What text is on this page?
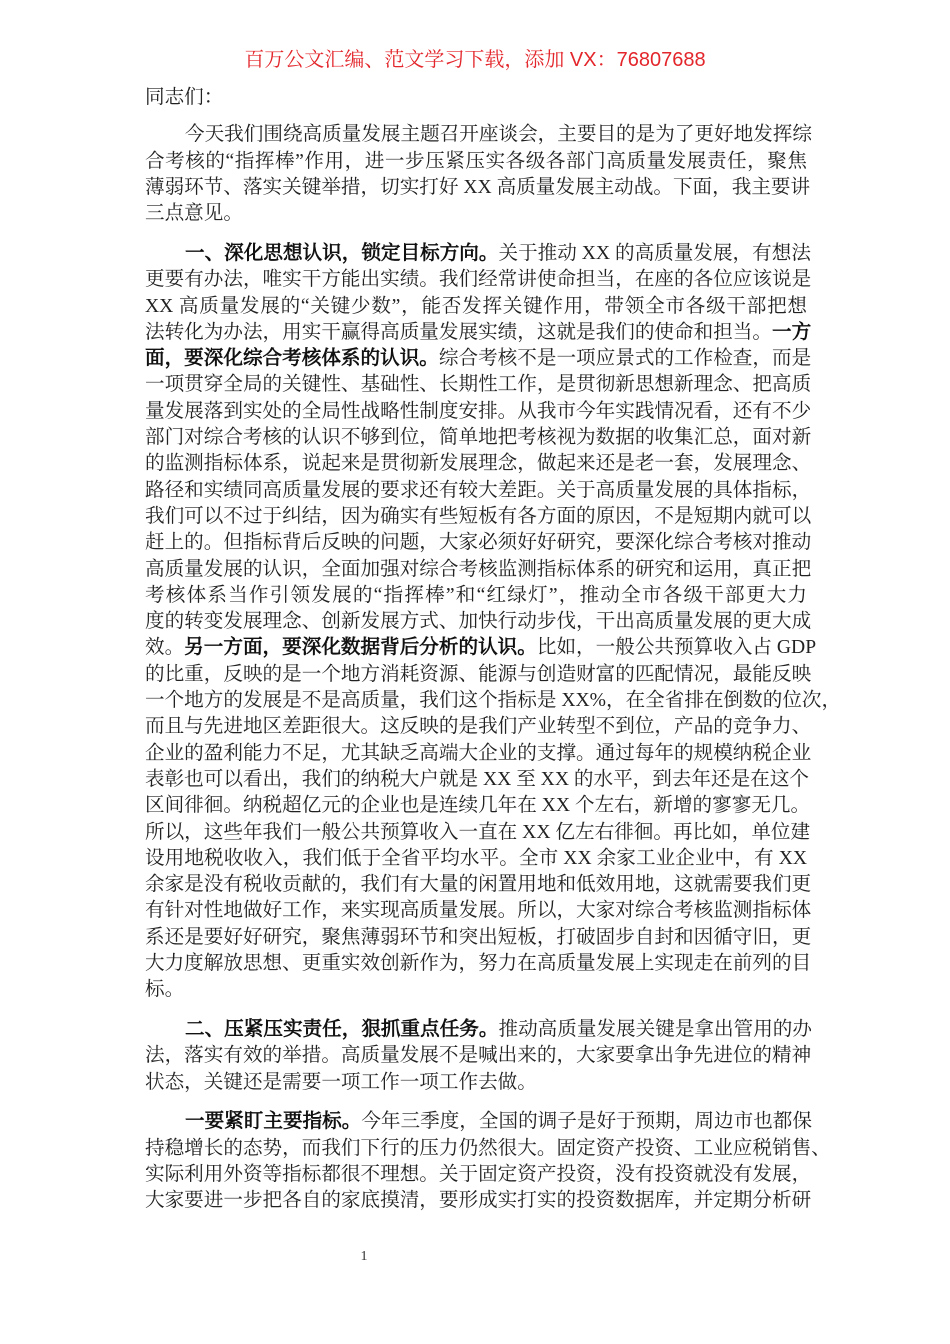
百万公文汇编、范文学习下载，添加 VX：76807688
同志们：
今天我们围绕高质量发展主题召开座谈会，主要目的是为了更好地发挥综
合考核的“指挥棒”作用，进一步压紧压实各级各部门高质量发展责任，聚焦
薄弱环节、落实关键举措，切实打好 XX 高质量发展主动战。下面，我主要讲
三点意见。
一、深化思想认识，锁定目标方向。关于推动 XX 的高质量发展，有想法
更要有办法，唯实干方能出实绩。我们经常讲使命担当，在座的各位应该说是
XX 高质量发展的“关键少数”，能否发挥关键作用，带领全市各级干部把想
法转化为办法，用实干赢得高质量发展实绩，这就是我们的使命和担当。一方
面，要深化综合考核体系的认识。综合考核不是一项应景式的工作检查，而是
一项贯穿全局的关键性、基础性、长期性工作，是贯彻新思想新理念、把高质
量发展落到实处的全局性战略性制度安排。从我市今年实践情况看，还有不少
部门对综合考核的认识不够到位，简单地把考核视为数据的收集汇总，面对新
的监测指标体系，说起来是贯彻新发展理念，做起来还是老一套，发展理念、
路径和实绩同高质量发展的要求还有较大差距。关于高质量发展的具体指标，
我们可以不过于纠结，因为确实有些短板有各方面的原因，不是短期内就可以
赶上的。但指标背后反映的问题，大家必须好好研究，要深化综合考核对推动
高质量发展的认识，全面加强对综合考核监测指标体系的研究和运用，真正把
考核体系当作引领发展的“指挥棒”和“红绿灯”，推动全市各级干部更大力
度的转变发展理念、创新发展方式、加快行动步伐，干出高质量发展的更大成
效。另一方面，要深化数据背后分析的认识。比如，一般公共预算收入占 GDP
的比重，反映的是一个地方消耗资源、能源与创造财富的匹配情况，最能反映
一个地方的发展是不是高质量，我们这个指标是 XX%，在全省排在倒数的位次，
而且与先进地区差距很大。这反映的是我们产业转型不到位，产品的竞争力、
企业的盈利能力不足，尤其缺乏高端大企业的支撑。通过每年的规模纳税企业
表彰也可以看出，我们的纳税大户就是 XX 至 XX 的水平，到去年还是在这个
区间徘徊。纳税超亿元的企业也是连续几年在 XX 个左右，新增的寥寥无几。
所以，这些年我们一般公共预算收入一直在 XX 亿左右徘徊。再比如，单位建
设用地税收收入，我们低于全省平均水平。全市 XX 余家工业企业中，有 XX
余家是没有税收贡献的，我们有大量的闲置用地和低效用地，这就需要我们更
有针对性地做好工作，来实现高质量发展。所以，大家对综合考核监测指标体
系还是要好好研究，聚焦薄弱环节和突出短板，打破固步自封和因循守旧，更
大力度解放思想、更重实效创新作为，努力在高质量发展上实现走在前列的目
标。
二、压紧压实责任，狠抓重点任务。推动高质量发展关键是拿出管用的办
法，落实有效的举措。高质量发展不是喊出来的，大家要拿出争先进位的精神
状态，关键还是需要一项工作一项工作去做。
一要紧盯主要指标。今年三季度，全国的调子是好于预期，周边市也都保
持稳增长的态势，而我们下行的压力仍然很大。固定资产投资、工业应税销售、
实际利用外资等指标都很不理想。关于固定资产投资，没有投资就没有发展，
大家要进一步把各自的家底摸清，要形成实打实的投资数据库，并定期分析研
1
